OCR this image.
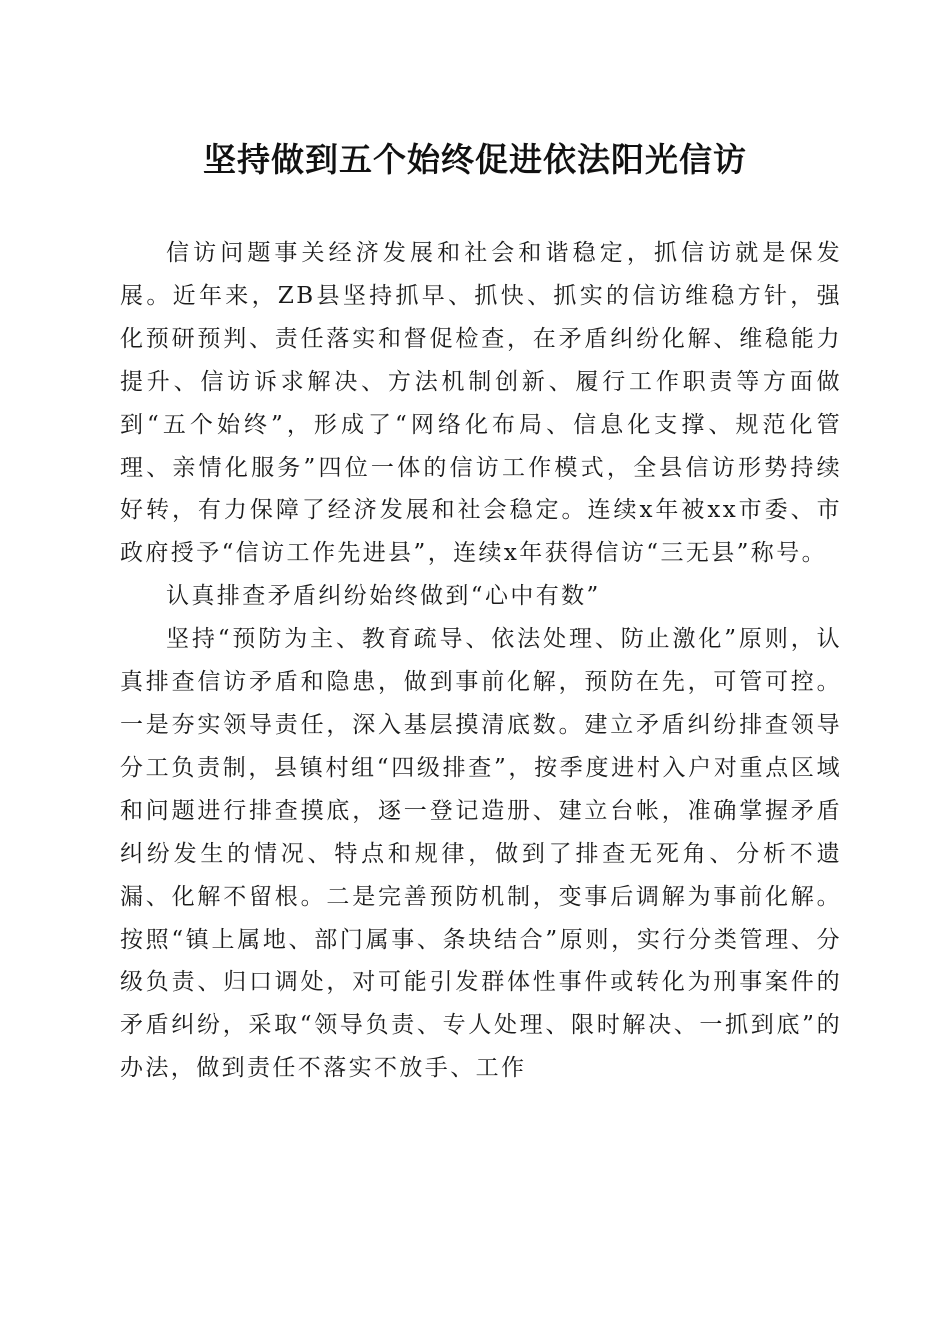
坚持做到五个始终促进依法阳光信访

信访问题事关经济发展和社会和谐稳定，抓信访就是保发展。近年来，ZB县坚持抓早、抓快、抓实的信访维稳方针，强化预研预判、责任落实和督促检查，在矛盾纠纷化解、维稳能力提升、信访诉求解决、方法机制创新、履行工作职责等方面做到“五个始终”，形成了“网络化布局、信息化支撑、规范化管理、亲情化服务”四位一体的信访工作模式，全县信访形势持续好转，有力保障了经济发展和社会稳定。连续x年被xx市委、市政府授予“信访工作先进县”，连续x年获得信访“三无县”称号。

认真排查矛盾纠纷始终做到“心中有数”

坚持“预防为主、教育疏导、依法处理、防止激化”原则，认真排查信访矛盾和隐患，做到事前化解，预防在先，可管可控。一是夯实领导责任，深入基层摸清底数。建立矛盾纠纷排查领导分工负责制，县镇村组“四级排查”，按季度进村入户对重点区域和问题进行排查摸底，逐一登记造册、建立台帐，准确掌握矛盾纠纷发生的情况、特点和规律，做到了排查无死角、分析不遗漏、化解不留根。二是完善预防机制，变事后调解为事前化解。按照“镇上属地、部门属事、条块结合”原则，实行分类管理、分级负责、归口调处，对可能引发群体性事件或转化为刑事案件的矛盾纠纷，采取“领导负责、专人处理、限时解决、一抓到底”的办法，做到责任不落实不放手、工作
